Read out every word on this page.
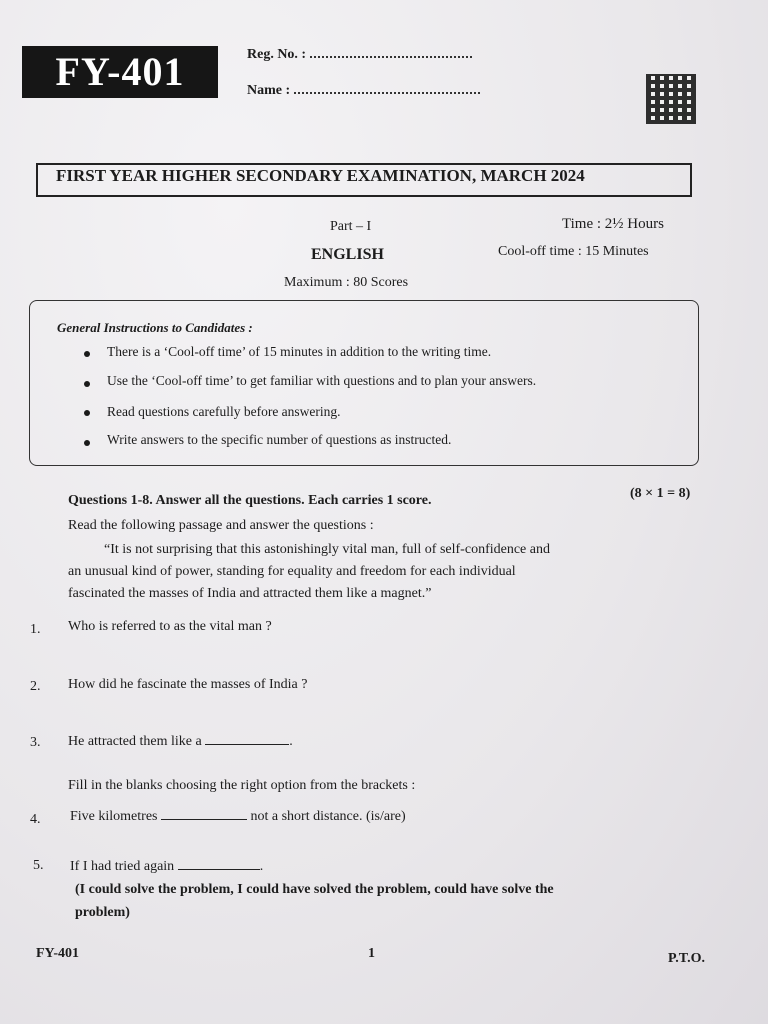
FY-401	Reg. No. :
Name :
FIRST YEAR HIGHER SECONDARY EXAMINATION, MARCH 2024
Part – I	Time : 2½ Hours
ENGLISH	Cool-off time : 15 Minutes
Maximum : 80 Scores
General Instructions to Candidates :
There is a ‘Cool-off time’ of 15 minutes in addition to the writing time.
Use the ‘Cool-off time’ to get familiar with questions and to plan your answers.
Read questions carefully before answering.
Write answers to the specific number of questions as instructed.
Questions 1-8. Answer all the questions. Each carries 1 score.	(8 × 1 = 8)
Read the following passage and answer the questions :
“It is not surprising that this astonishingly vital man, full of self-confidence and
an unusual kind of power, standing for equality and freedom for each individual
fascinated the masses of India and attracted them like a magnet.”
1. Who is referred to as the vital man ?
2. How did he fascinate the masses of India ?
3. He attracted them like a	.
Fill in the blanks choosing the right option from the brackets :
4. Five kilometres	not a short distance. (is/are)
5. If I had tried again	.
(I could solve the problem, I could have solved the problem, could have solve the
problem)
FY-401	1	P.T.O.
